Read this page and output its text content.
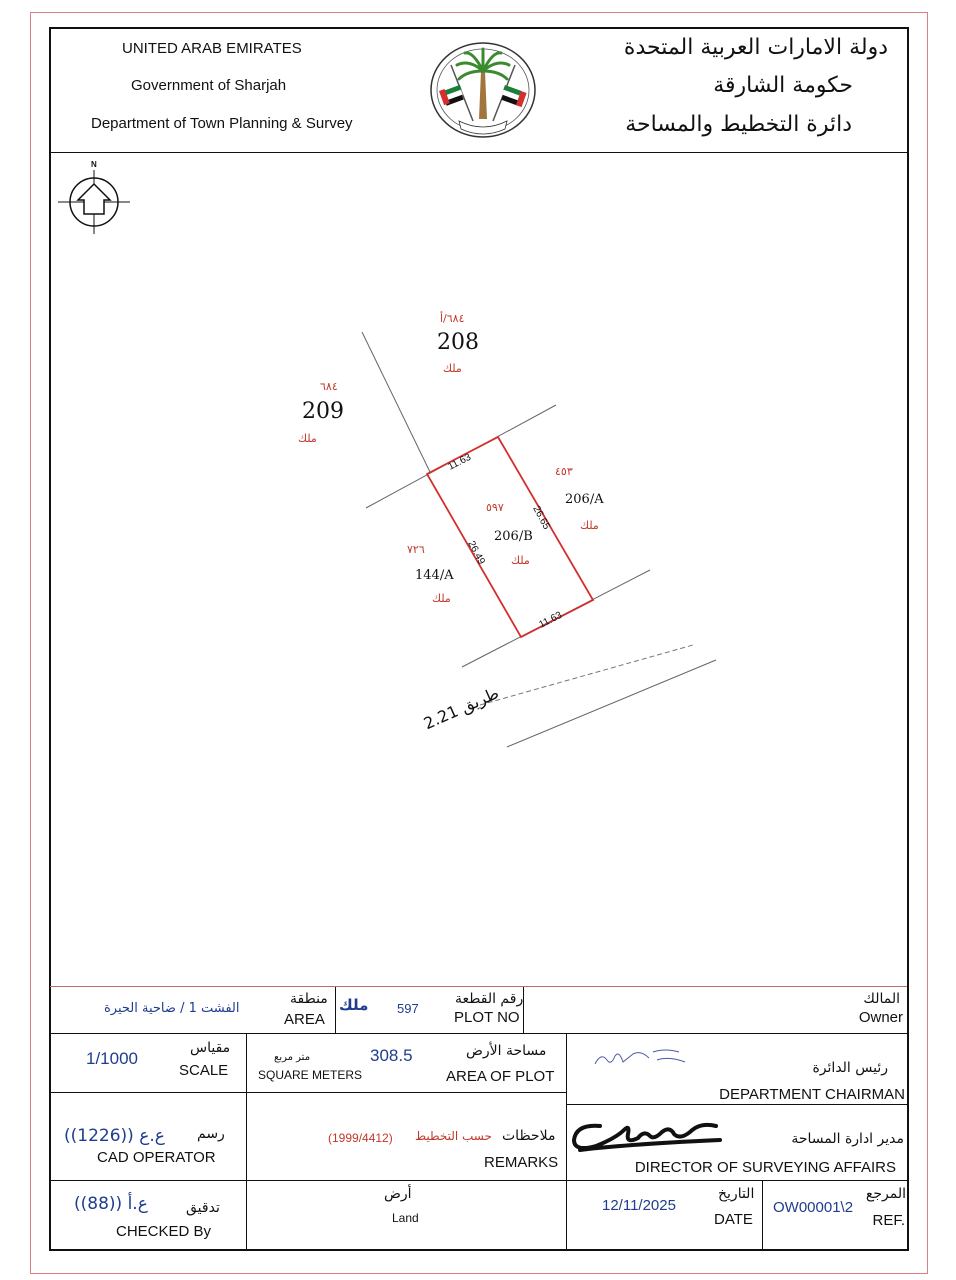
UNITED ARAB EMIRATES
Government of Sharjah
Department of Town Planning & Survey
دولة الامارات العربية المتحدة
حكومة الشارقة
دائرة التخطيط والمساحة
N
11.63
11.63
26.49
26.65
طريق 12.2
٦٨٤/أ
208
ملك
٦٨٤
209
ملك
٤٥٣
206/A
ملك
٥٩٧
206/B
ملك
٧٢٦
144/A
ملك
المالك
Owner
رقم القطعة
PLOT NO
597
ملك
منطقة
AREA
الفشت 1 / ضاحية الحيرة
رئيس الدائرة
DEPARTMENT CHAIRMAN
مساحة الأرض
AREA OF PLOT
308.5
متر مربع
SQUARE METERS
مقياس
SCALE
1/1000
مدير ادارة المساحة
DIRECTOR OF SURVEYING AFFAIRS
ملاحظات
REMARKS
حسب التخطيط
(1999/4412)
رسم
CAD OPERATOR
ع.ع ((1226))
المرجع
REF.
OW00001\2
التاريخ
DATE
12/11/2025
أرض
Land
تدقيق
CHECKED By
ع.أ ((88))
